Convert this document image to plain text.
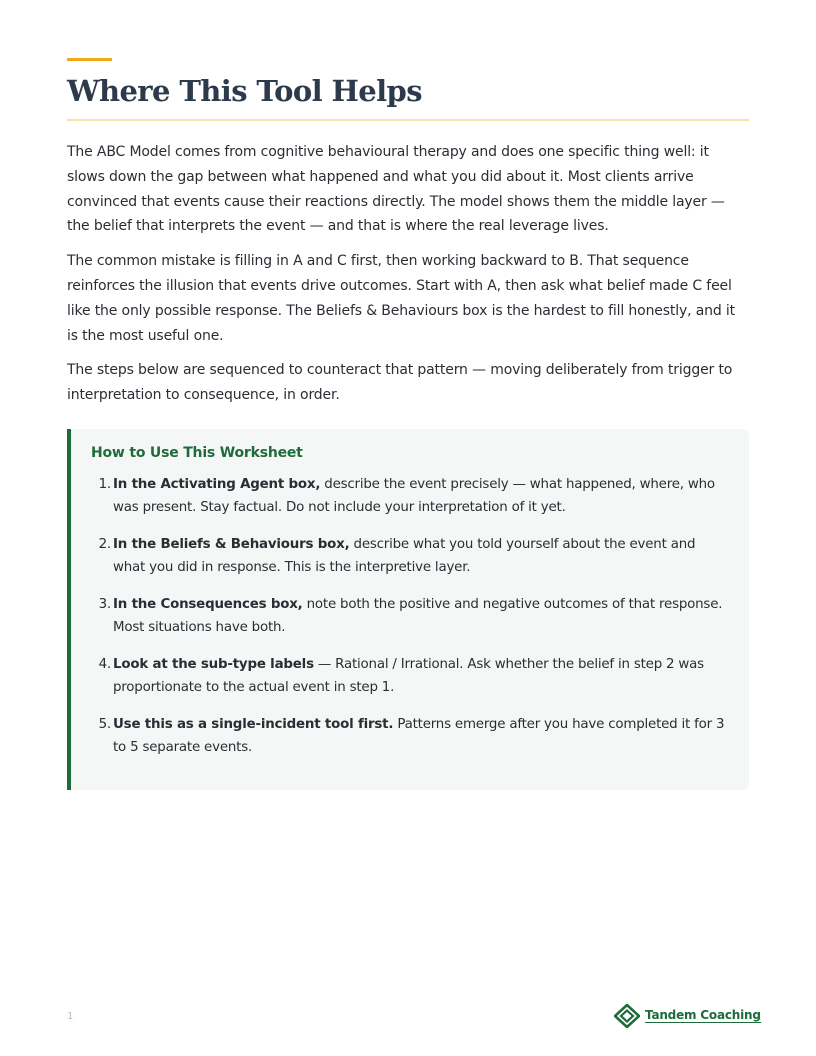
Where This Tool Helps

The ABC Model comes from cognitive behavioural therapy and does one specific thing well: it slows down the gap between what happened and what you did about it. Most clients arrive convinced that events cause their reactions directly. The model shows them the middle layer — the belief that interprets the event — and that is where the real leverage lives.

The common mistake is filling in A and C first, then working backward to B. That sequence reinforces the illusion that events drive outcomes. Start with A, then ask what belief made C feel like the only possible response. The Beliefs & Behaviours box is the hardest to fill honestly, and it is the most useful one.

The steps below are sequenced to counteract that pattern — moving deliberately from trigger to interpretation to consequence, in order.

How to Use This Worksheet
1. In the Activating Agent box, describe the event precisely — what happened, where, who was present. Stay factual. Do not include your interpretation of it yet.
2. In the Beliefs & Behaviours box, describe what you told yourself about the event and what you did in response. This is the interpretive layer.
3. In the Consequences box, note both the positive and negative outcomes of that response. Most situations have both.
4. Look at the sub-type labels — Rational / Irrational. Ask whether the belief in step 2 was proportionate to the actual event in step 1.
5. Use this as a single-incident tool first. Patterns emerge after you have completed it for 3 to 5 separate events.
1	Tandem Coaching
